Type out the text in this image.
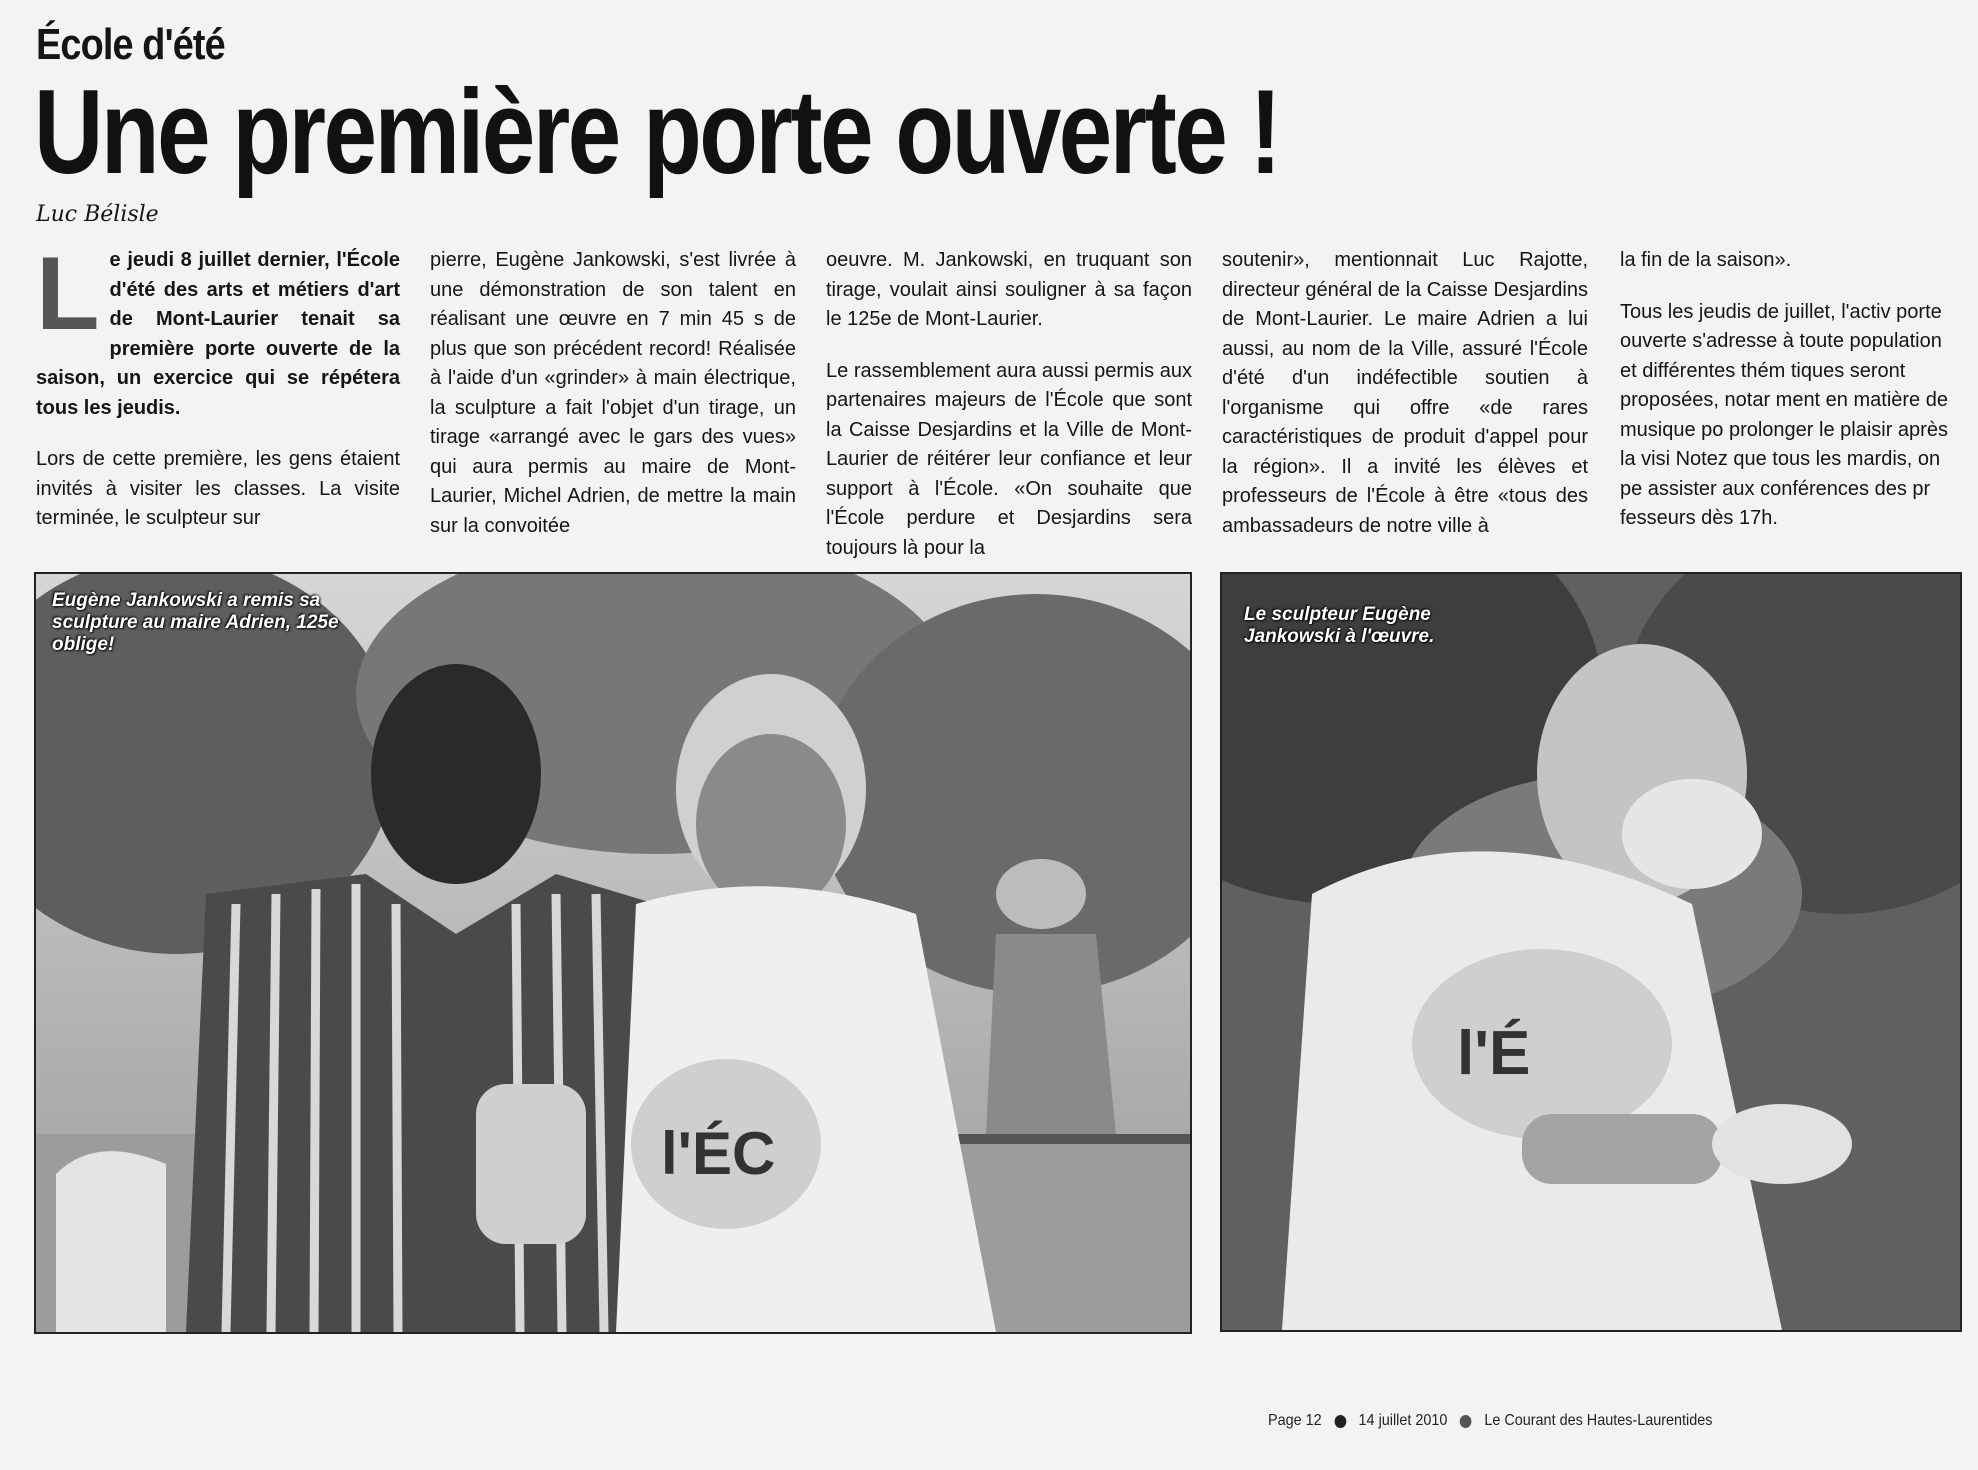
École d'été
Une première porte ouverte !
Luc Bélisle

L e jeudi 8 juillet dernier, l'École d'été des arts et métiers d'art de Mont-Laurier tenait sa première porte ouverte de la saison, un exercice qui se répétera tous les jeudis.

Lors de cette première, les gens étaient invités à visiter les classes. La visite terminée, le sculpteur sur

pierre, Eugène Jankowski, s'est livrée à une démonstration de son talent en réalisant une œuvre en 7 min 45 s de plus que son précédent record! Réalisée à l'aide d'un «grinder» à main électrique, la sculpture a fait l'objet d'un tirage, un tirage «arrangé avec le gars des vues» qui aura permis au maire de Mont-Laurier, Michel Adrien, de mettre la main sur la convoitée

oeuvre. M. Jankowski, en truquant son tirage, voulait ainsi souligner à sa façon le 125e de Mont-Laurier.

Le rassemblement aura aussi permis aux partenaires majeurs de l'École que sont la Caisse Desjardins et la Ville de Mont-Laurier de réitérer leur confiance et leur support à l'École. «On souhaite que l'École perdure et Desjardins sera toujours là pour la

soutenir», mentionnait Luc Rajotte, directeur général de la Caisse Desjardins de Mont-Laurier. Le maire Adrien a lui aussi, au nom de la Ville, assuré l'École d'été d'un indéfectible soutien à l'organisme qui offre «de rares caractéristiques de produit d'appel pour la région». Il a invité les élèves et professeurs de l'École à être «tous des ambassadeurs de notre ville à

la fin de la saison».

Tous les jeudis de juillet, l'activ porte ouverte s'adresse à toute population et différentes thém tiques seront proposées, notar ment en matière de musique po prolonger le plaisir après la visi Notez que tous les mardis, on pe assister aux conférences des pr fesseurs dès 17h.

l'ÉC
Eugène Jankowski a remis sa sculpture au maire Adrien, 125e oblige!
l'É
Le sculpteur Eugène Jankowski à l'œuvre.
Page 12 14 juillet 2010 Le Courant des Hautes-Laurentides
